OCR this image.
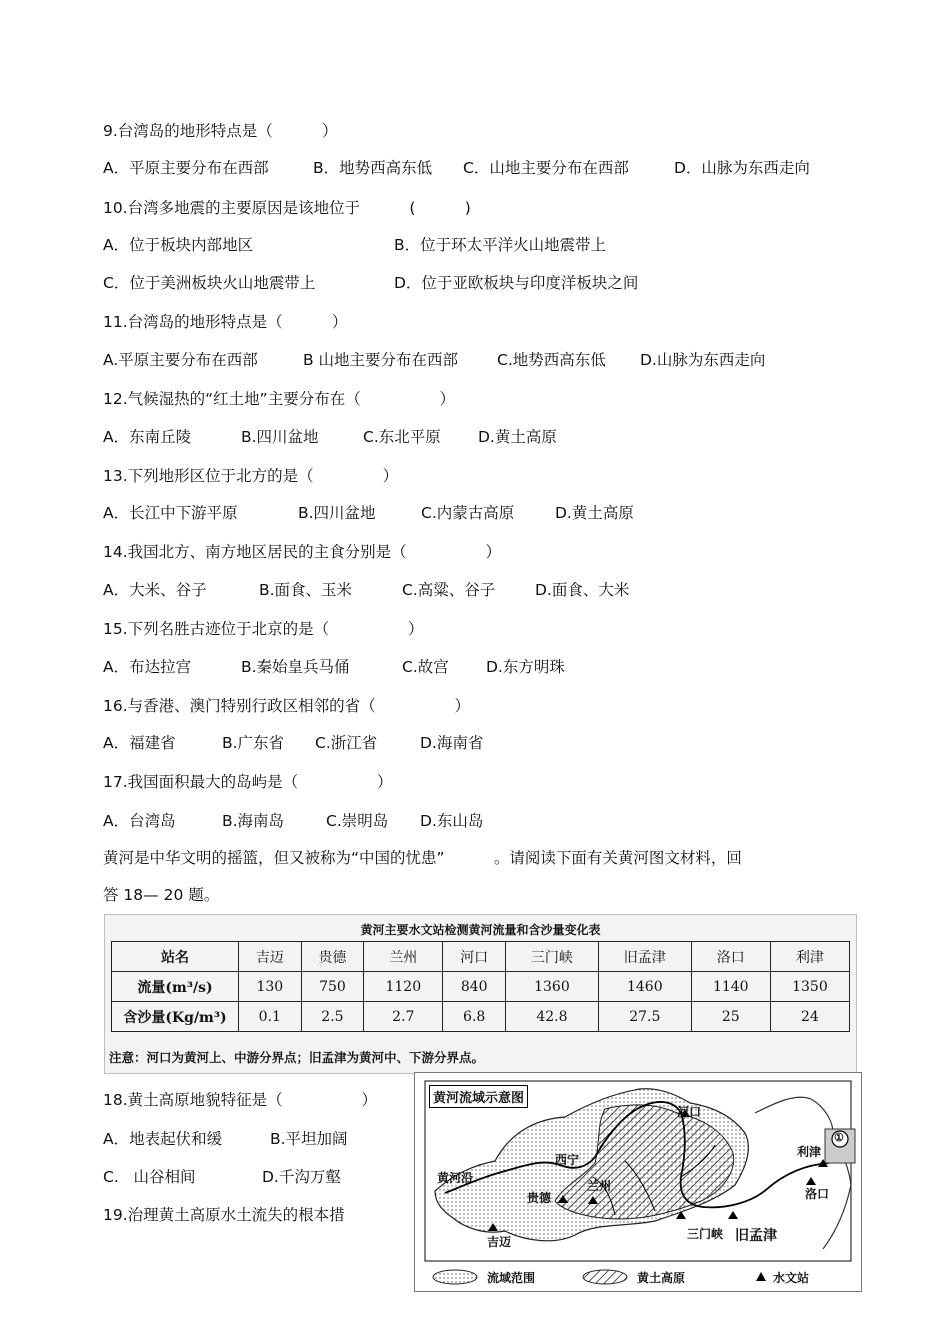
9.台湾岛的地形特点是（          ）
A．平原主要分布在西部	B．地势西高东低 C．山地主要分布在西部	D．山脉为东西走向
10.台湾多地震的主要原因是该地位于          (          )
A．位于板块内部地区	B．位于环太平洋火山地震带上
C．位于美洲板块火山地震带上	D．位于亚欧板块与印度洋板块之间
11.台湾岛的地形特点是（          ）
A.平原主要分布在西部	B 山地主要分布在西部	C.地势西高东低 D.山脉为东西走向
12.气候湿热的“红土地”主要分布在（                ）
A．东南丘陵	B.四川盆地	C.东北平原 D.黄土高原
13.下列地形区位于北方的是（              ）
A．长江中下游平原	B.四川盆地	C.内蒙古高原	D.黄土高原
14.我国北方、南方地区居民的主食分别是（                ）
A．大米、谷子	B.面食、玉米	C.高粱、谷子	D.面食、大米
15.下列名胜古迹位于北京的是（                ）
A．布达拉宫	B.秦始皇兵马俑	C.故宫 D.东方明珠
16.与香港、澳门特别行政区相邻的省（                ）
A．福建省	B.广东省 C.浙江省	D.海南省
17.我国面积最大的岛屿是（                ）
A．台湾岛	B.海南岛	C.崇明岛 D.东山岛
黄河是中华文明的摇篮，但又被称为“中国的忧患”          。请阅读下面有关黄河图文材料，回
答 18— 20 题。
黄河主要水文站检测黄河流量和含沙量变化表
站名	吉迈	贵德	兰州	河口	三门峡	旧孟津	洛口	利津
流量(m³/s)	130	750	1120	840	1360	1460	1140	1350
含沙量(Kg/m³)	0.1	2.5	2.7	6.8	42.8	27.5	25	24
注意：河口为黄河上、中游分界点；旧孟津为黄河中、下游分界点。
18.黄土高原地貌特征是（                ）
A．地表起伏和缓	B.平坦加阔
C.   山谷相间	D.千沟万壑
19.治理黄土高原水土流失的根本措
黄河流域示意图
河口
西宁
兰州
贵德
黄河沿
吉迈
三门峡 旧孟津
利津
洛口
①
流域范围	黄土高原	水文站
